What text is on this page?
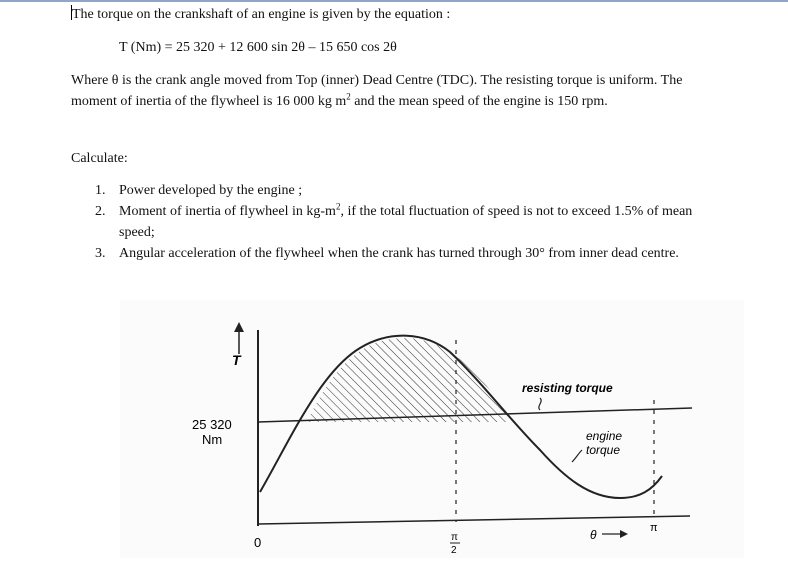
The torque on the crankshaft of an engine is given by the equation :
T (Nm) = 25 320 + 12 600 sin 2θ – 15 650 cos 2θ
Where θ is the crank angle moved from Top (inner) Dead Centre (TDC). The resisting torque is uniform. The moment of inertia of the flywheel is 16 000 kg $m^2$ and the mean speed of the engine is 150 rpm.
Calculate:
1. Power developed by the engine ;
2. Moment of inertia of flywheel in $kg-m^2$, if the total fluctuation of speed is not to exceed 1.5% of mean speed;
3. Angular acceleration of the flywheel when the crank has turned through 30° from inner dead centre.
T
25 320
Nm
0	π
2
resisting torque
engine
torque
θ	π
